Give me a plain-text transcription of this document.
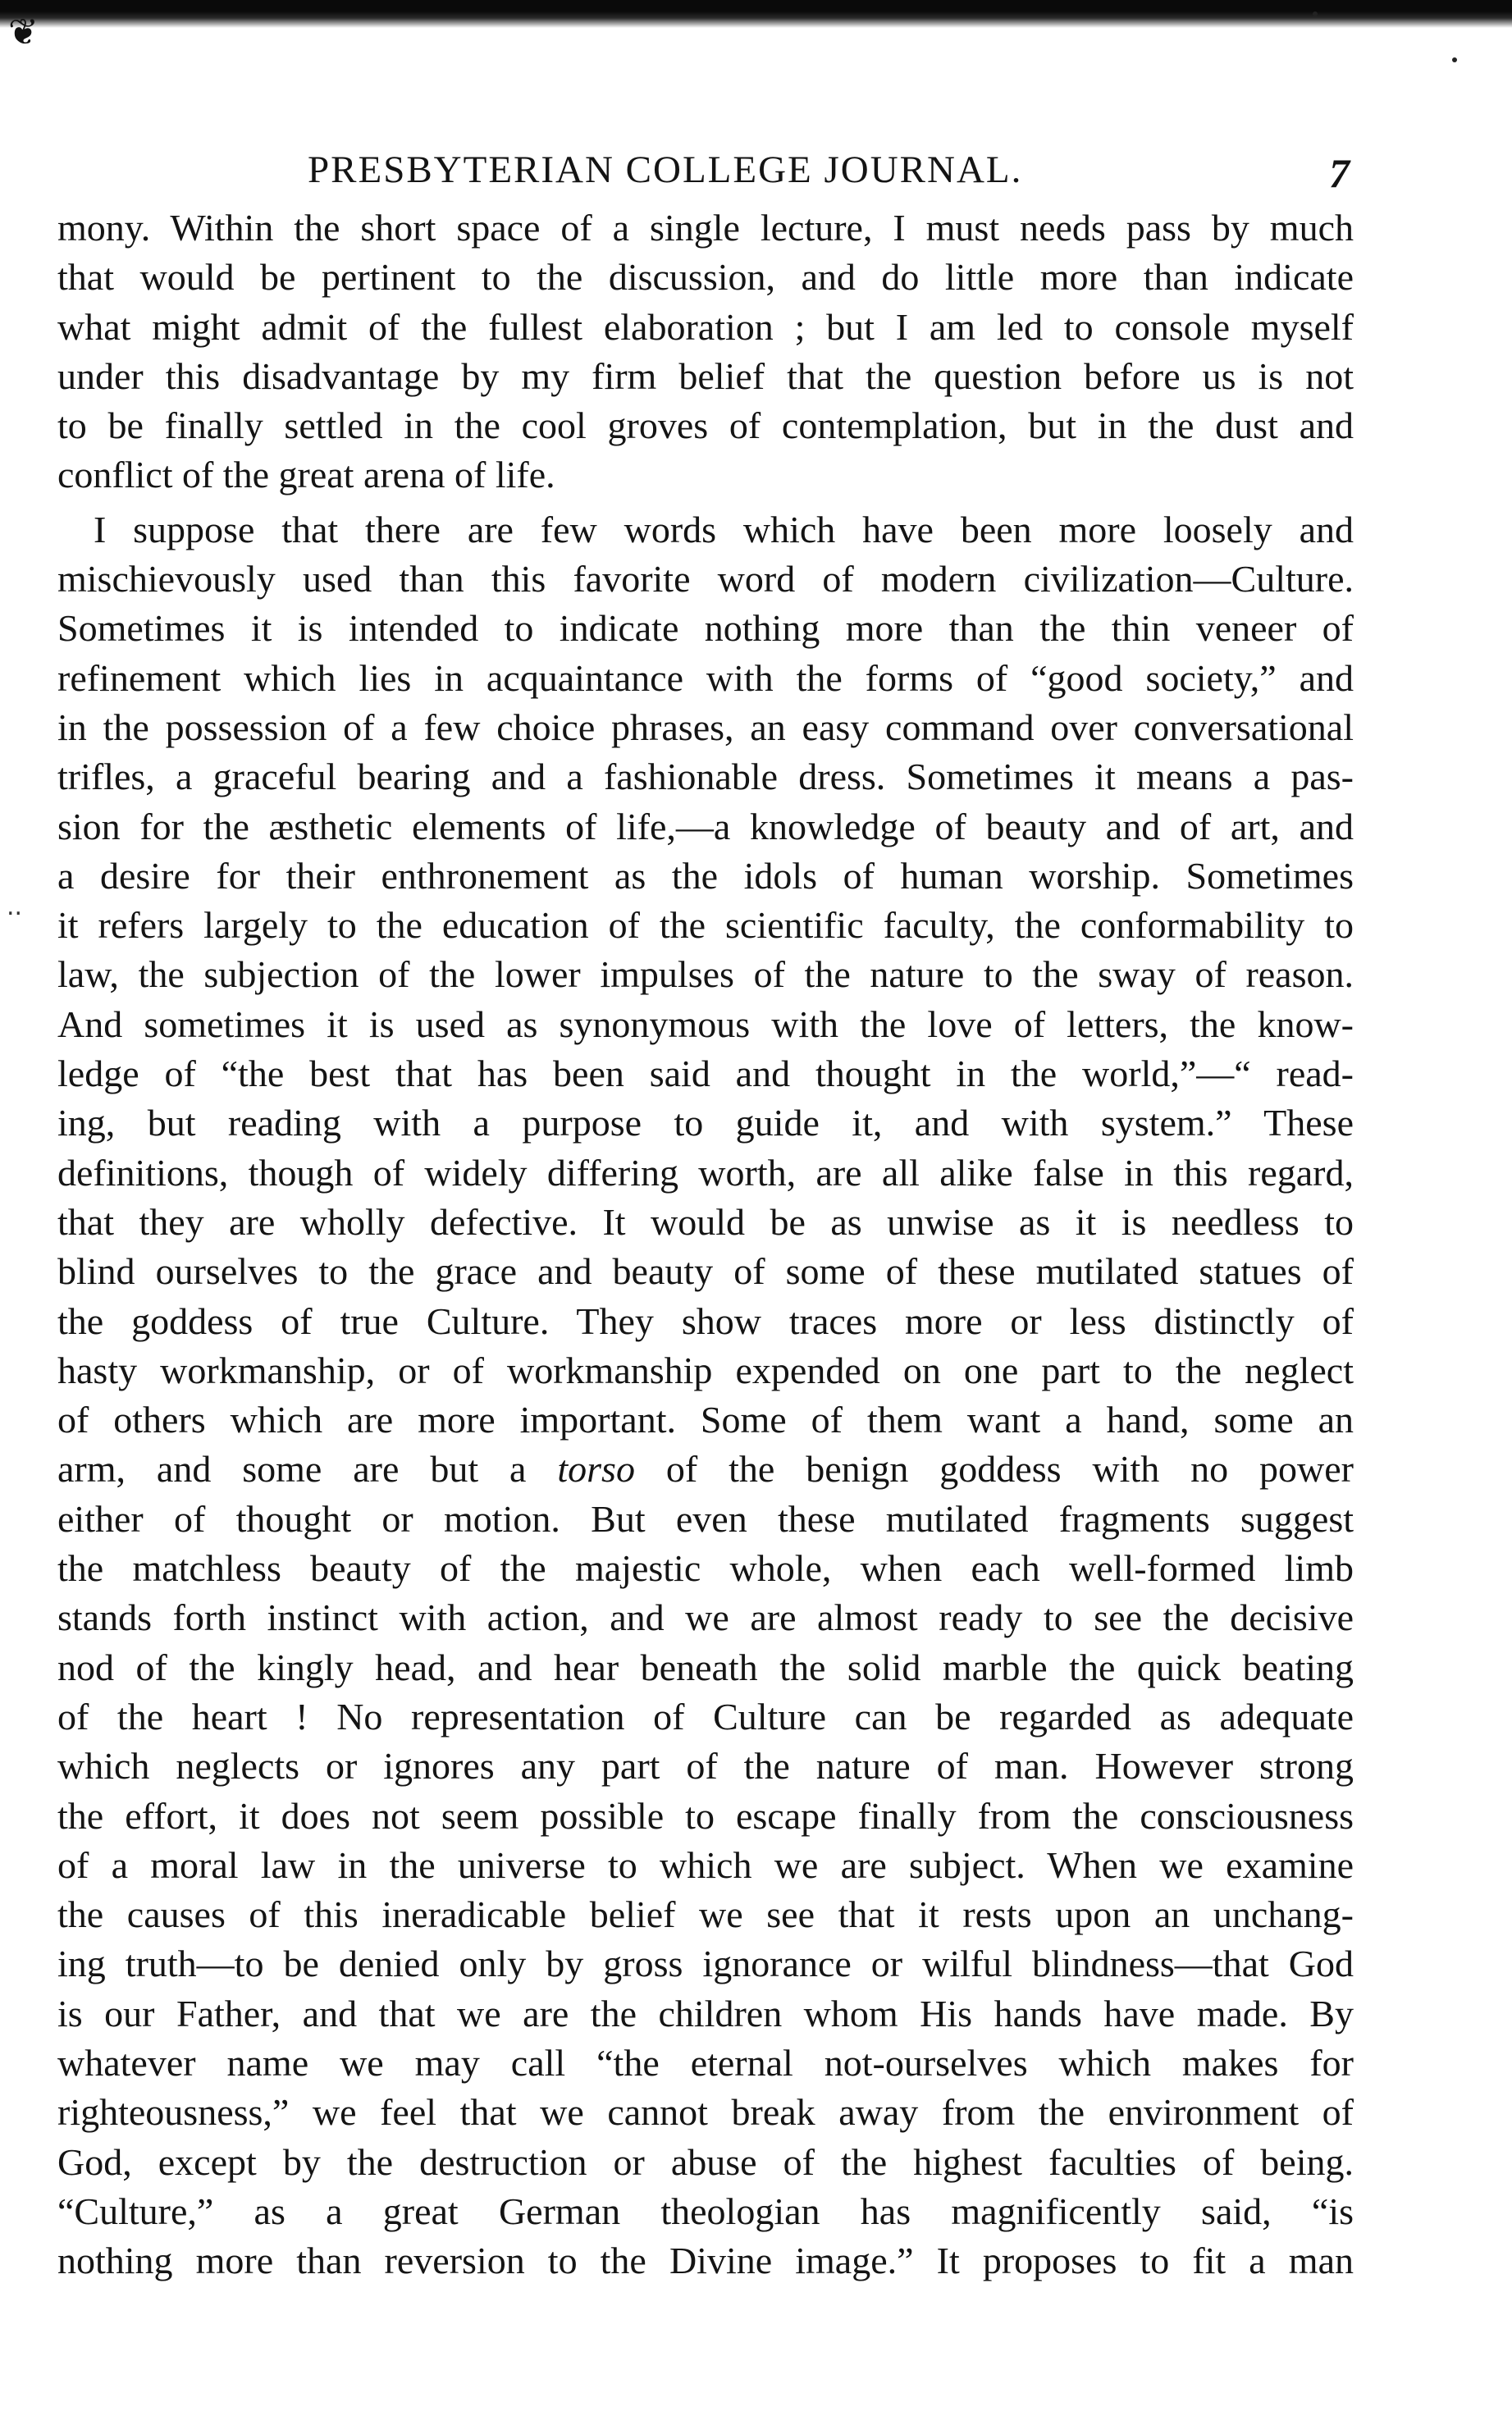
❦
PRESBYTERIAN COLLEGE JOURNAL.	7
..
mony. Within the short space of a single lecture, I must needs pass by much
that would be pertinent to the discussion, and do little more than indicate
what might admit of the fullest elaboration ; but I am led to console myself
under this disadvantage by my firm belief that the question before us is not
to be finally settled in the cool groves of contemplation, but in the dust and
conflict of the great arena of life.
I suppose that there are few words which have been more loosely and
mischievously used than this favorite word of modern civilization—Culture.
Sometimes it is intended to indicate nothing more than the thin veneer of
refinement which lies in acquaintance with the forms of “good society,” and
in the possession of a few choice phrases, an easy command over conversational
trifles, a graceful bearing and a fashionable dress. Sometimes it means a pas-
sion for the æsthetic elements of life,—a knowledge of beauty and of art, and
a desire for their enthronement as the idols of human worship. Sometimes
it refers largely to the education of the scientific faculty, the conformability to
law, the subjection of the lower impulses of the nature to the sway of reason.
And sometimes it is used as synonymous with the love of letters, the know-
ledge of “the best that has been said and thought in the world,”—“ read-
ing, but reading with a purpose to guide it, and with system.” These
definitions, though of widely differing worth, are all alike false in this regard,
that they are wholly defective. It would be as unwise as it is needless to
blind ourselves to the grace and beauty of some of these mutilated statues of
the goddess of true Culture. They show traces more or less distinctly of
hasty workmanship, or of workmanship expended on one part to the neglect
of others which are more important. Some of them want a hand, some an
arm, and some are but a torso of the benign goddess with no power
either of thought or motion. But even these mutilated fragments suggest
the matchless beauty of the majestic whole, when each well-formed limb
stands forth instinct with action, and we are almost ready to see the decisive
nod of the kingly head, and hear beneath the solid marble the quick beating
of the heart ! No representation of Culture can be regarded as adequate
which neglects or ignores any part of the nature of man. However strong
the effort, it does not seem possible to escape finally from the consciousness
of a moral law in the universe to which we are subject. When we examine
the causes of this ineradicable belief we see that it rests upon an unchang-
ing truth—to be denied only by gross ignorance or wilful blindness—that God
is our Father, and that we are the children whom His hands have made. By
whatever name we may call “the eternal not-ourselves which makes for
righteousness,” we feel that we cannot break away from the environment of
God, except by the destruction or abuse of the highest faculties of being.
“Culture,” as a great German theologian has magnificently said, “is
nothing more than reversion to the Divine image.” It proposes to fit a man
